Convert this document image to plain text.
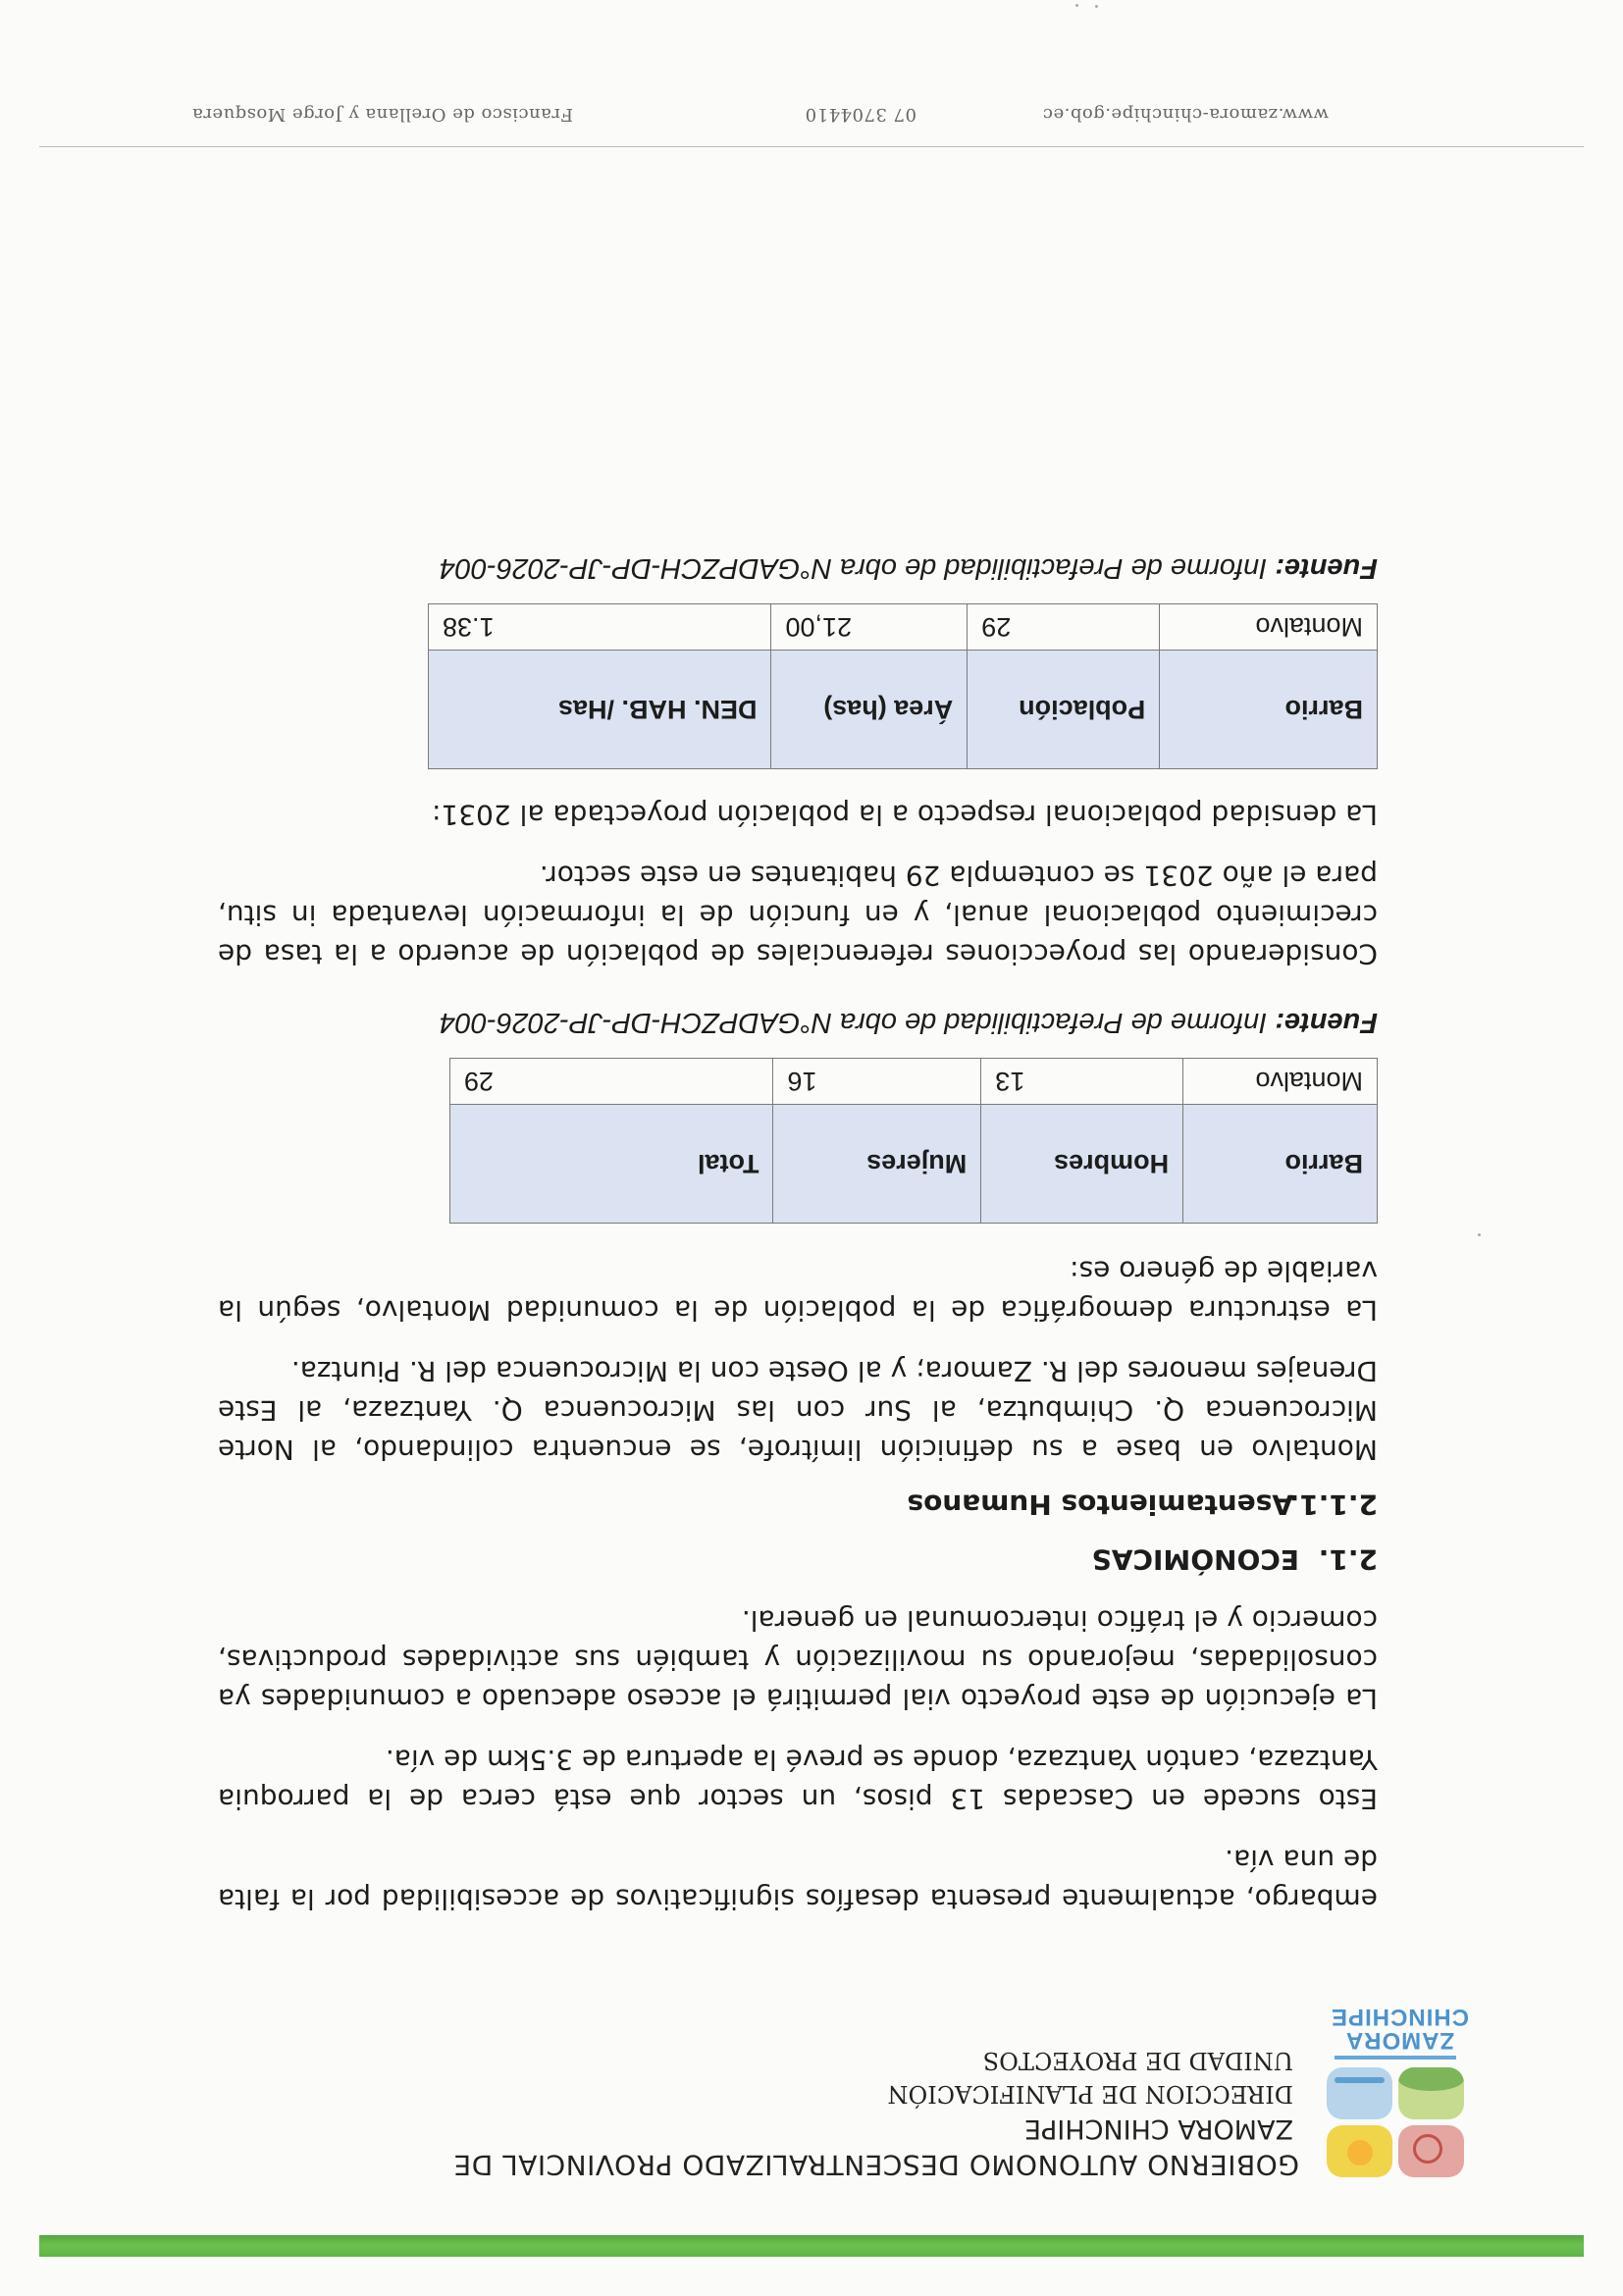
ZAMORA
CHINCHIPE
GOBIERNO AUTONOMO DESCENTRALIZADO PROVINCIAL DE
ZAMORA CHINCHIPE
DIRECCION DE PLANIFICACIÓN
UNIDAD DE PROYECTOS

embargo, actualmente presenta desafíos significativos de accesibilidad por la falta de una vía.

Esto sucede en Cascadas 13 pisos, un sector que está cerca de la parroquia Yantzaza, cantón Yantzaza, donde se prevé la apertura de 3.5km de vía.

La ejecución de este proyecto vial permitirá el acceso adecuado a comunidades ya consolidadas, mejorando su movilización y también sus actividades productivas, comercio y el tráfico intercomunal en general.

2.1.ECONÓMICAS
2.1.1.Asentamientos Humanos

Montalvo en base a su definición limítrofe, se encuentra colindando, al Norte Microcuenca Q. Chimbutza, al Sur con las Microcuenca Q. Yantzaza, al Este Drenajes menores del R. Zamora; y al Oeste con la Microcuenca del R. Piuntza.

La estructura demográfica de la población de la comunidad Montalvo, según la variable de género es:

Barrio	Hombres	Mujeres	Total
Montalvo	13	16	29
Fuente: Informe de Prefactibilidad de obra N°GADPZCH-DP-JP-2026-004

Considerando las proyecciones referenciales de población de acuerdo a la tasa de crecimiento poblacional anual, y en función de la información levantada in situ, para el año 2031 se contempla 29 habitantes en este sector.

La densidad poblacional respecto a la población proyectada al 2031:

Barrio	Población	Área (has)	DEN. HAB. /Has
Montalvo	29	21,00	1.38
Fuente: Informe de Prefactibilidad de obra N°GADPZCH-DP-JP-2026-004
www.zamora-chinchipe.gob.ec
07 3704410
Francisco de Orellana y Jorge Mosquera
